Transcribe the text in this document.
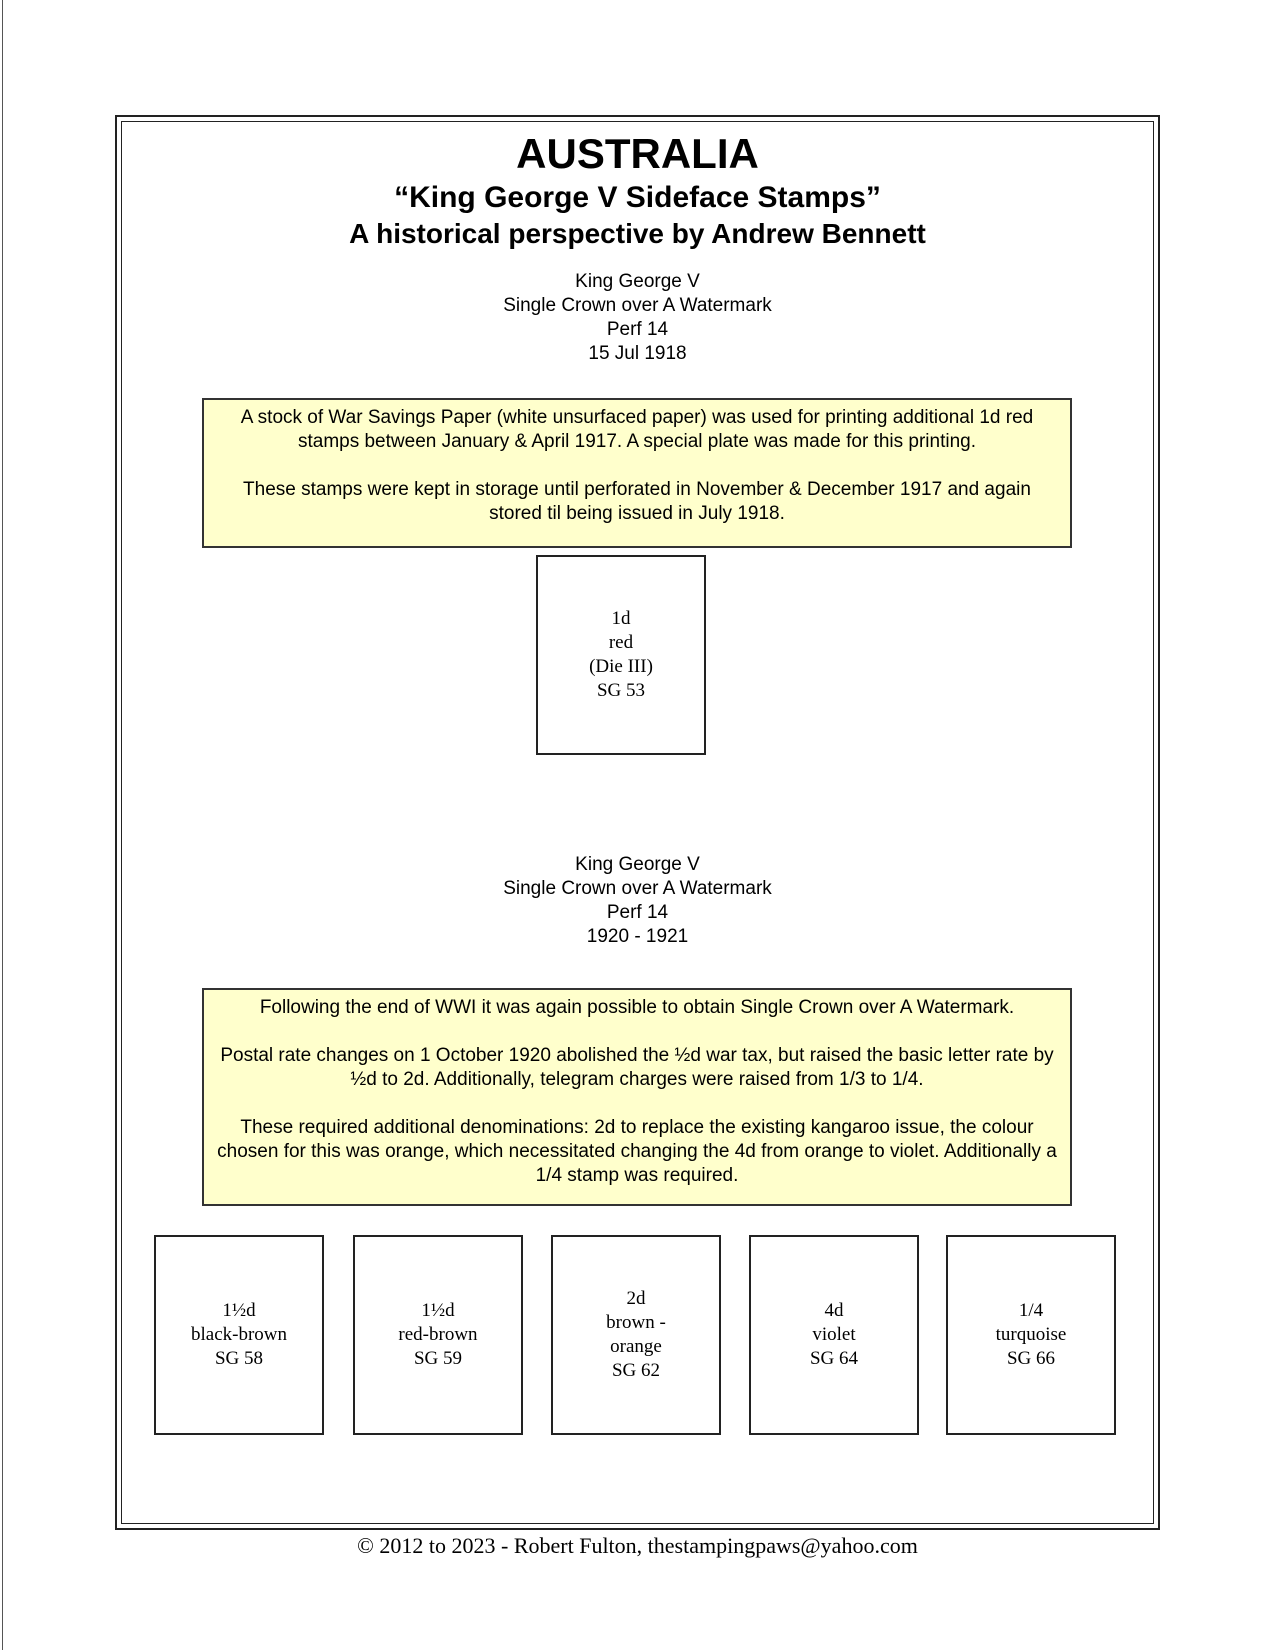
AUSTRALIA
“King George V Sideface Stamps”
A historical perspective by Andrew Bennett
King George V
Single Crown over A Watermark
Perf 14
15 Jul 1918

A stock of War Savings Paper (white unsurfaced paper) was used for printing additional 1d red stamps between January & April 1917. A special plate was made for this printing.

These stamps were kept in storage until perforated in November & December 1917 and again stored til being issued in July 1918.

1d
red
(Die III)
SG 53
King George V
Single Crown over A Watermark
Perf 14
1920 - 1921

Following the end of WWI it was again possible to obtain Single Crown over A Watermark.

Postal rate changes on 1 October 1920 abolished the ½d war tax, but raised the basic letter rate by ½d to 2d. Additionally, telegram charges were raised from 1/3 to 1/4.

These required additional denominations: 2d to replace the existing kangaroo issue, the colour chosen for this was orange, which necessitated changing the 4d from orange to violet. Additionally a 1/4 stamp was required.

1½d
black-brown
SG 58
1½d
red-brown
SG 59
2d
brown -
orange
SG 62
4d
violet
SG 64
1/4
turquoise
SG 66
© 2012 to 2023 - Robert Fulton, thestampingpaws@yahoo.com
